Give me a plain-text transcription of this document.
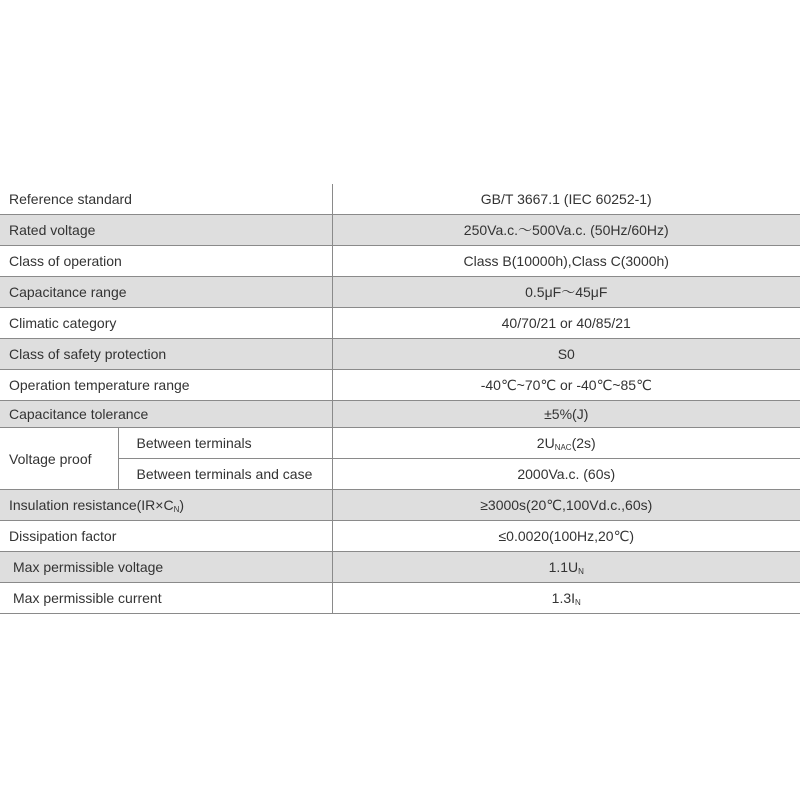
Reference standard		GB/T 3667.1 (IEC 60252-1)
Rated voltage		250Va.c.～500Va.c. (50Hz/60Hz)
Class of operation		Class B(10000h),Class C(3000h)
Capacitance range		0.5μF～45μF
Climatic category		40/70/21 or 40/85/21
Class of safety protection		S0
Operation temperature range		-40℃~70℃ or -40℃~85℃
Capacitance tolerance		±5%(J)
Voltage proof	Between terminals	$2U_{NAC}(2s)$
	Between terminals and case	2000Va.c. (60s)
Insulation $resistance(IR\times C_N)$		≥3000s(20℃,100Vd.c.,60s)
Dissipation factor		≤0.0020(100Hz,20℃)
Max permissible voltage		$1.1U_N$
Max permissible current		$1.3I_N$
